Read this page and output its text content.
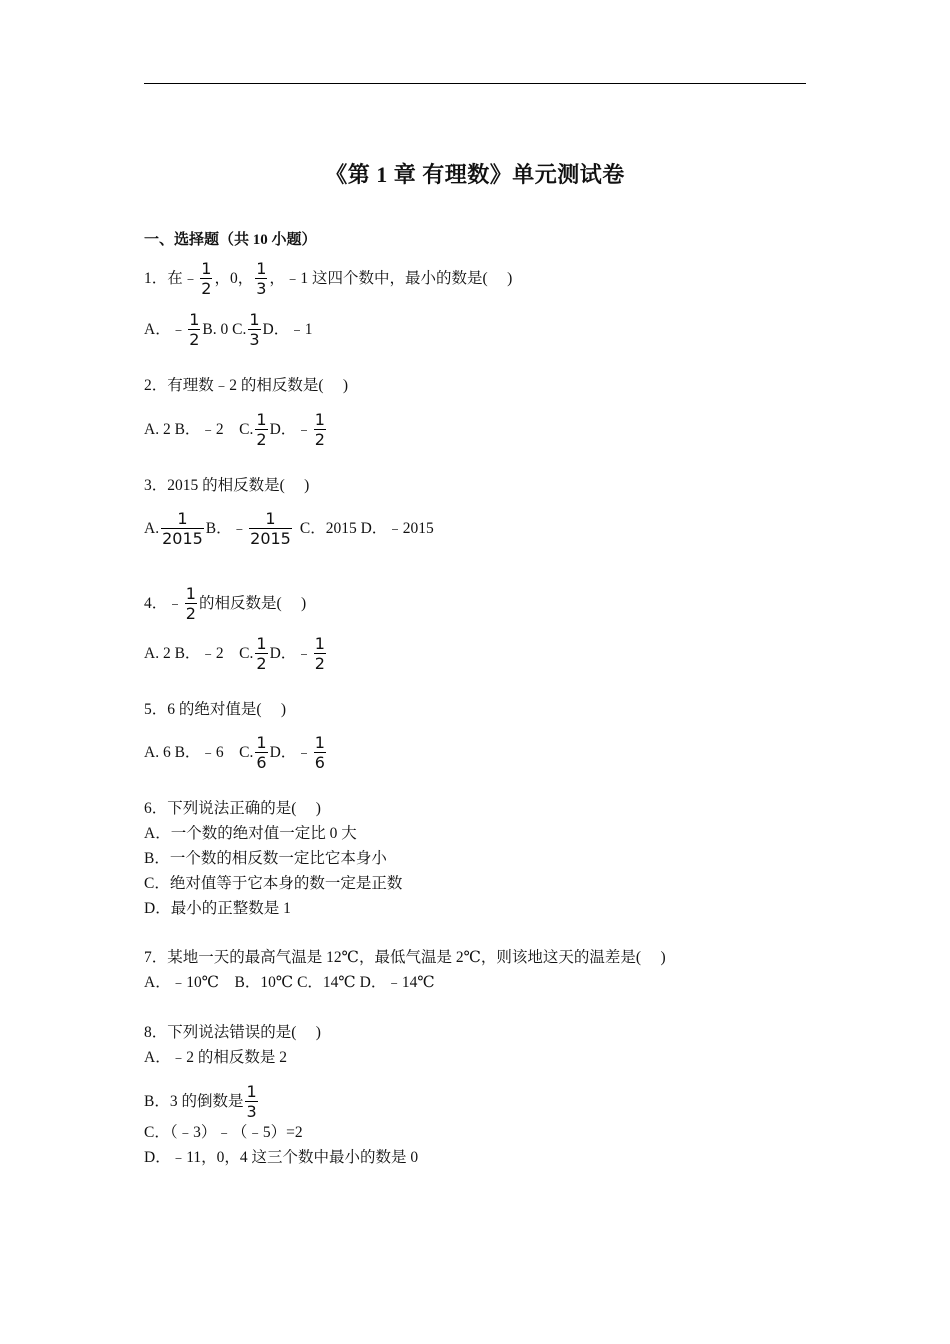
《第 1 章 有理数》单元测试卷
一、选择题（共 10 小题）
1．在﹣ $\frac{1}{2}$ ，0， $\frac{1}{3}$ ，﹣1 这四个数中，最小的数是(　 )
A．﹣ $\frac{1}{2} B$. 0 C. $\frac{1}{3}$ D．﹣1
2．有理数﹣2 的相反数是(　 )
A. 2 B．﹣2　C. $\frac{1}{2}$ D．﹣ $\frac{1}{2}$
3．2015 的相反数是(　 )
A. $\frac{1}{2015}$ B．﹣ $\frac{1}{2015}$ C．2015 D．﹣2015
4．﹣ $\frac{1}{2}$ 的相反数是(　 )
A. 2 B．﹣2　C. $\frac{1}{2}$ D．﹣ $\frac{1}{2}$
5．6 的绝对值是(　 )
A. 6 B．﹣6　C. $\frac{1}{6}$ D．﹣ $\frac{1}{6}$
6．下列说法正确的是(　 )
A．一个数的绝对值一定比 0 大
B．一个数的相反数一定比它本身小
C．绝对值等于它本身的数一定是正数
D．最小的正整数是 1
7．某地一天的最高气温是 12℃，最低气温是 2℃，则该地这天的温差是(　 )
A．﹣10℃　B．10℃ C．14℃ D．﹣14℃
8．下列说法错误的是(　 )
A．﹣2 的相反数是 2
B．3 的倒数是 $\frac{1}{3}$
C．（﹣3）﹣（﹣5）=2
D．﹣11，0，4 这三个数中最小的数是 0
